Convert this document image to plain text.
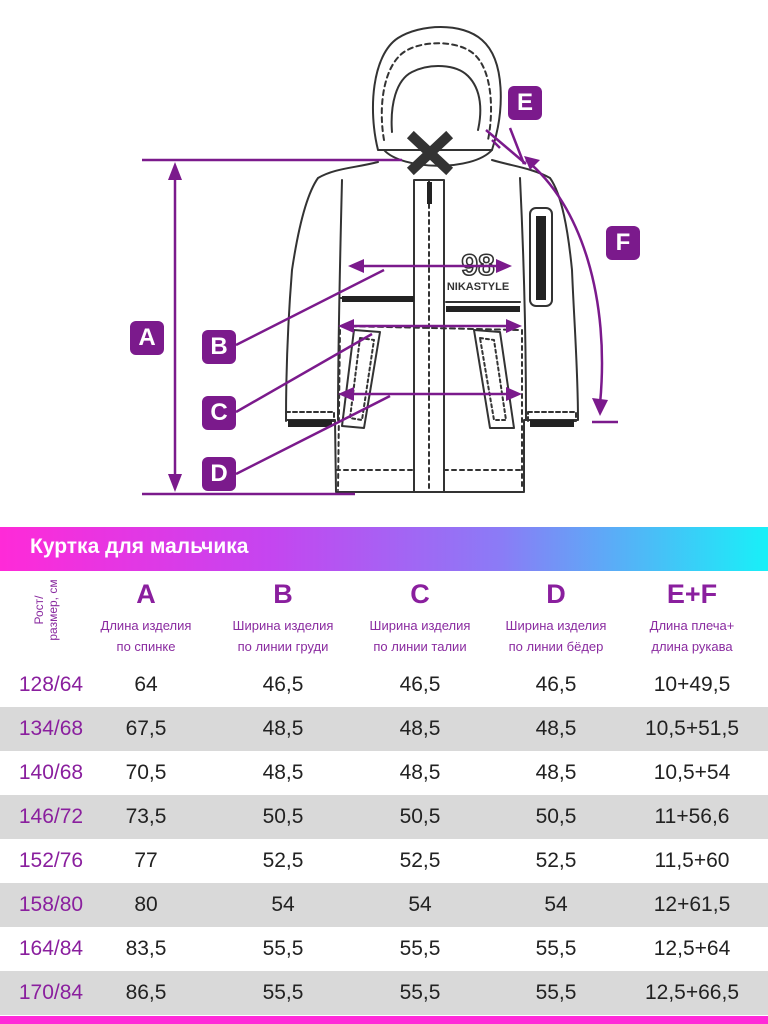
98
NIKASTYLE
A	B
C
D
E
F
Куртка для мальчика
Рост/
размер, см	A
Длина изделия
по спинке
B
Ширина изделия
по линии груди
C
Ширина изделия
по линии талии
D
Ширина изделия
по линии бёдер
E+F
Длина плеча+
длина рукава
128/64	64	46,5	46,5	46,5	10+49,5
134/68	67,5	48,5	48,5	48,5	10,5+51,5
140/68	70,5	48,5	48,5	48,5	10,5+54
146/72	73,5	50,5	50,5	50,5	11+56,6
152/76	77	52,5	52,5	52,5	11,5+60
158/80	80	54	54	54	12+61,5
164/84	83,5	55,5	55,5	55,5	12,5+64
170/84	86,5	55,5	55,5	55,5	12,5+66,5
